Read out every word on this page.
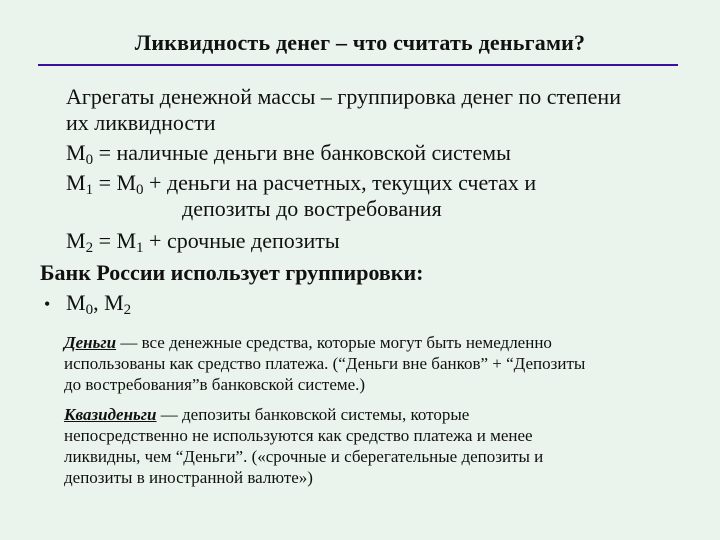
Ликвидность денег – что считать деньгами?
Агрегаты денежной массы – группировка денег по степени
их ликвидности
$M_0$ = наличные деньги вне банковской системы
$M_1 = M_0$ + деньги на расчетных, текущих счетах и
депозиты до востребования
$M_2 = M_1$ + срочные депозиты
Банк России использует группировки:
• $M_0$, $M_2$
Деньги — все денежные средства, которые могут быть немедленно
использованы как средство платежа. (“Деньги вне банков” + “Депозиты
до востребования”в банковской системе.)
Квазиденьги — депозиты банковской системы, которые
непосредственно не используются как средство платежа и менее
ликвидны, чем “Деньги”. («срочные и сберегательные депозиты и
депозиты в иностранной валюте»)
